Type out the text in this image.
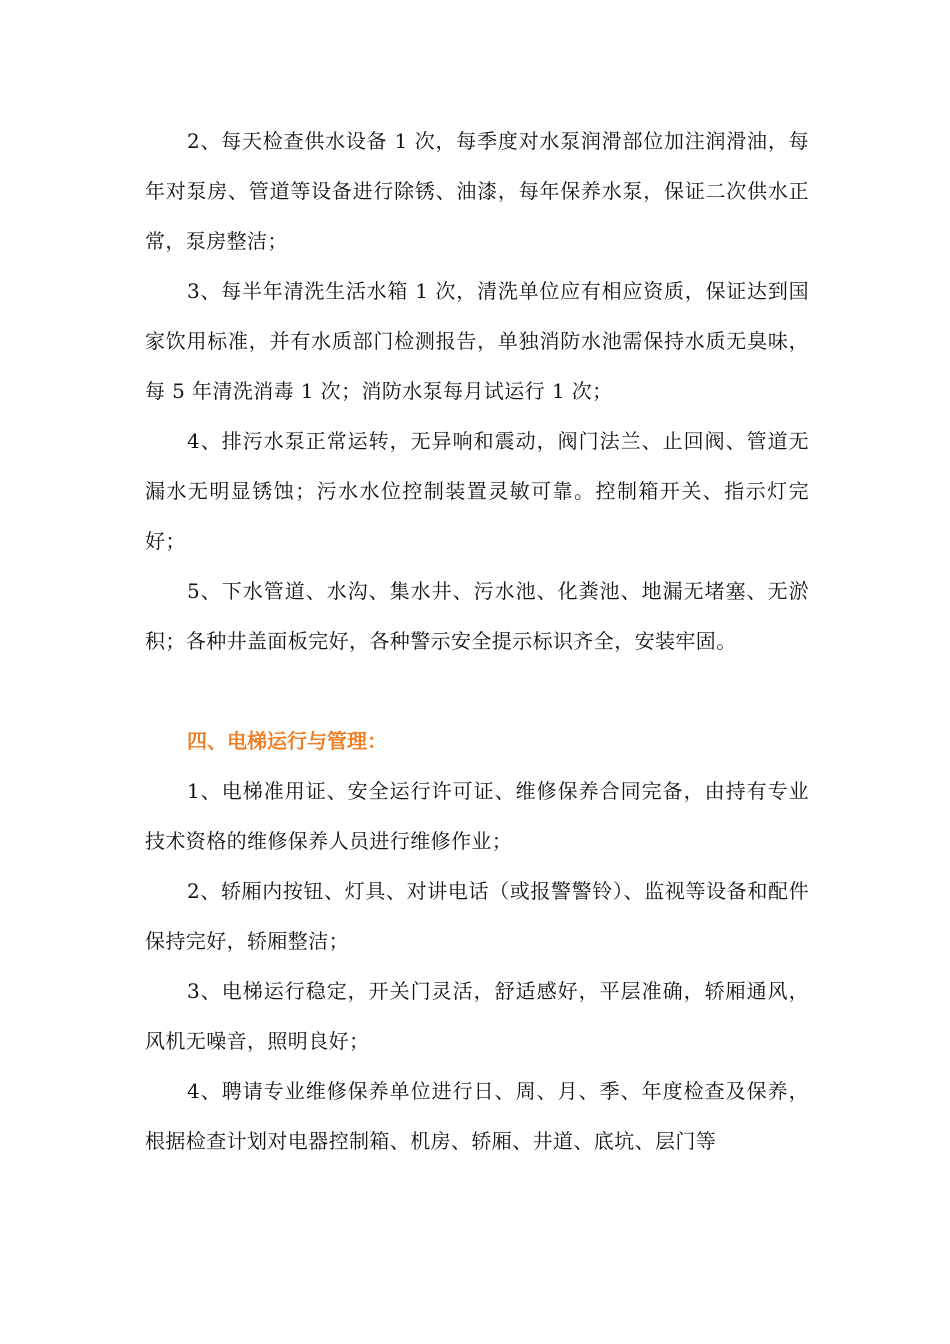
2、每天检查供水设备 1 次，每季度对水泵润滑部位加注润滑油，每年对泵房、管道等设备进行除锈、油漆，每年保养水泵，保证二次供水正常，泵房整洁；

3、每半年清洗生活水箱 1 次，清洗单位应有相应资质，保证达到国家饮用标准，并有水质部门检测报告，单独消防水池需保持水质无臭味，每 5 年清洗消毒 1 次；消防水泵每月试运行 1 次；

4、排污水泵正常运转，无异响和震动，阀门法兰、止回阀、管道无漏水无明显锈蚀；污水水位控制装置灵敏可靠。控制箱开关、指示灯完好；

5、下水管道、水沟、集水井、污水池、化粪池、地漏无堵塞、无淤积；各种井盖面板完好，各种警示安全提示标识齐全，安装牢固。

四、电梯运行与管理：

1、电梯准用证、安全运行许可证、维修保养合同完备，由持有专业技术资格的维修保养人员进行维修作业；

2、轿厢内按钮、灯具、对讲电话（或报警警铃）、监视等设备和配件保持完好，轿厢整洁；

3、电梯运行稳定，开关门灵活，舒适感好，平层准确，轿厢通风，风机无噪音，照明良好；

4、聘请专业维修保养单位进行日、周、月、季、年度检查及保养，根据检查计划对电器控制箱、机房、轿厢、井道、底坑、层门等
